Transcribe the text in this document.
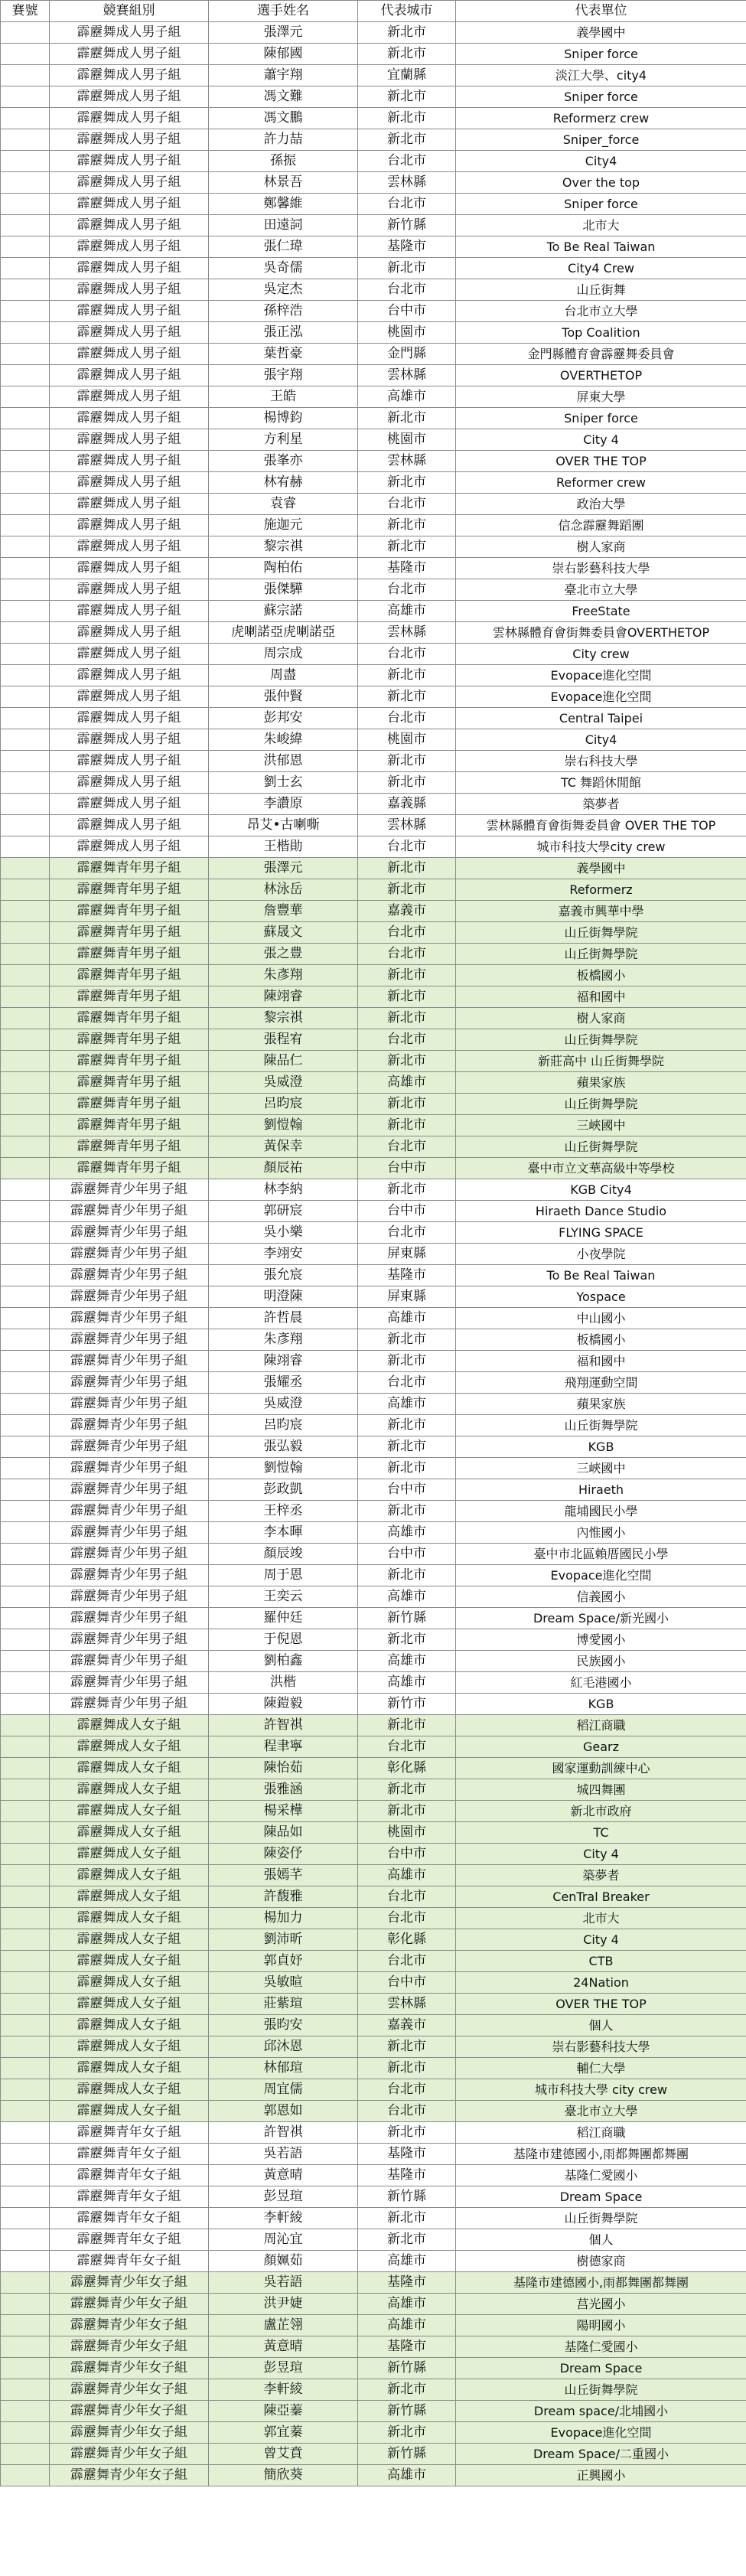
賽號	競賽組別	選手姓名	代表城市	代表單位
	霹靂舞成人男子組	張澤元	新北市	義學國中
	霹靂舞成人男子組	陳郁國	新北市	Sniper force
	霹靂舞成人男子組	蕭宇翔	宜蘭縣	淡江大學、city4
	霹靂舞成人男子組	馮文難	新北市	Sniper force
	霹靂舞成人男子組	馮文鵬	新北市	Reformerz crew
	霹靂舞成人男子組	許力喆	新北市	Sniper_force
	霹靂舞成人男子組	孫振	台北市	City4
	霹靂舞成人男子組	林景吾	雲林縣	Over the top
	霹靂舞成人男子組	鄭馨維	台北市	Sniper force
	霹靂舞成人男子組	田遠詞	新竹縣	北市大
	霹靂舞成人男子組	張仁瑋	基隆市	To Be Real Taiwan
	霹靂舞成人男子組	吳奇儒	新北市	City4 Crew
	霹靂舞成人男子組	吳定杰	台北市	山丘街舞
	霹靂舞成人男子組	孫梓浩	台中市	台北市立大學
	霹靂舞成人男子組	張正泓	桃園市	Top Coalition
	霹靂舞成人男子組	葉哲豪	金門縣	金門縣體育會霹靂舞委員會
	霹靂舞成人男子組	張宇翔	雲林縣	OVERTHETOP
	霹靂舞成人男子組	王皓	高雄市	屏東大學
	霹靂舞成人男子組	楊博鈞	新北市	Sniper force
	霹靂舞成人男子組	方利星	桃園市	City 4
	霹靂舞成人男子組	張峯亦	雲林縣	OVER THE TOP
	霹靂舞成人男子組	林宥赫	新北市	Reformer crew
	霹靂舞成人男子組	袁睿	台北市	政治大學
	霹靂舞成人男子組	施迦元	新北市	信念霹靂舞蹈團
	霹靂舞成人男子組	黎宗祺	新北市	樹人家商
	霹靂舞成人男子組	陶柏佑	基隆市	崇右影藝科技大學
	霹靂舞成人男子組	張傑驊	台北市	臺北市立大學
	霹靂舞成人男子組	蘇宗諾	高雄市	FreeState
	霹靂舞成人男子組	虎喇諾亞虎喇諾亞	雲林縣	雲林縣體育會街舞委員會OVERTHETOP
	霹靂舞成人男子組	周宗成	台北市	City crew
	霹靂舞成人男子組	周盡	新北市	Evopace進化空間
	霹靂舞成人男子組	張仲賢	新北市	Evopace進化空間
	霹靂舞成人男子組	彭邦安	台北市	Central Taipei
	霹靂舞成人男子組	朱峻緯	桃園市	City4
	霹靂舞成人男子組	洪郁恩	新北市	崇右科技大學
	霹靂舞成人男子組	劉士玄	新北市	TC 舞蹈休閒館
	霹靂舞成人男子組	李讚原	嘉義縣	築夢者
	霹靂舞成人男子組	昂艾•古喇嘶	雲林縣	雲林縣體育會街舞委員會 OVER THE TOP
	霹靂舞成人男子組	王楷勛	台北市	城市科技大學city crew
	霹靂舞青年男子組	張澤元	新北市	義學國中
	霹靂舞青年男子組	林泳岳	新北市	Reformerz
	霹靂舞青年男子組	詹豐華	嘉義市	嘉義市興華中學
	霹靂舞青年男子組	蘇晟文	台北市	山丘街舞學院
	霹靂舞青年男子組	張之豊	台北市	山丘街舞學院
	霹靂舞青年男子組	朱彥翔	新北市	板橋國小
	霹靂舞青年男子組	陳翊睿	新北市	福和國中
	霹靂舞青年男子組	黎宗祺	新北市	樹人家商
	霹靂舞青年男子組	張程宥	台北市	山丘街舞學院
	霹靂舞青年男子組	陳品仁	新北市	新莊高中 山丘街舞學院
	霹靂舞青年男子組	吳威澄	高雄市	蘋果家族
	霹靂舞青年男子組	呂昀宸	新北市	山丘街舞學院
	霹靂舞青年男子組	劉愷翰	新北市	三峽國中
	霹靂舞青年男子組	黃保幸	台北市	山丘街舞學院
	霹靂舞青年男子組	顏辰祐	台中市	臺中市立文華高級中等學校
	霹靂舞青少年男子組	林李納	新北市	KGB City4
	霹靂舞青少年男子組	郭研宸	台中市	Hiraeth Dance Studio
	霹靂舞青少年男子組	吳小樂	台北市	FLYING SPACE
	霹靂舞青少年男子組	李翊安	屏東縣	小夜學院
	霹靂舞青少年男子組	張允宸	基隆市	To Be Real Taiwan
	霹靂舞青少年男子組	明澄陳	屏東縣	Yospace
	霹靂舞青少年男子組	許哲晨	高雄市	中山國小
	霹靂舞青少年男子組	朱彥翔	新北市	板橋國小
	霹靂舞青少年男子組	陳翊睿	新北市	福和國中
	霹靂舞青少年男子組	張耀丞	台北市	飛翔運動空間
	霹靂舞青少年男子組	吳威澄	高雄市	蘋果家族
	霹靂舞青少年男子組	呂昀宸	新北市	山丘街舞學院
	霹靂舞青少年男子組	張弘毅	新北市	KGB
	霹靂舞青少年男子組	劉愷翰	新北市	三峽國中
	霹靂舞青少年男子組	彭政凱	台中市	Hiraeth
	霹靂舞青少年男子組	王梓丞	新北市	龍埔國民小學
	霹靂舞青少年男子組	李本暉	高雄市	內惟國小
	霹靂舞青少年男子組	顏辰竣	台中市	臺中市北區賴厝國民小學
	霹靂舞青少年男子組	周于恩	新北市	Evopace進化空間
	霹靂舞青少年男子組	王奕云	高雄市	信義國小
	霹靂舞青少年男子組	羅仲廷	新竹縣	Dream Space/新光國小
	霹靂舞青少年男子組	于倪恩	新北市	博愛國小
	霹靂舞青少年男子組	劉柏鑫	高雄市	民族國小
	霹靂舞青少年男子組	洪楷	高雄市	紅毛港國小
	霹靂舞青少年男子組	陳鎧毅	新竹市	KGB
	霹靂舞成人女子組	許智祺	新北市	稻江商職
	霹靂舞成人女子組	程聿寧	台北市	Gearz
	霹靂舞成人女子組	陳怡茹	彰化縣	國家運動訓練中心
	霹靂舞成人女子組	張雅涵	新北市	城四舞團
	霹靂舞成人女子組	楊采樺	新北市	新北市政府
	霹靂舞成人女子組	陳品如	桃園市	TC
	霹靂舞成人女子組	陳姿伃	台中市	City 4
	霹靂舞成人女子組	張嫣芊	高雄市	築夢者
	霹靂舞成人女子組	許馥雅	台北市	CenTral Breaker
	霹靂舞成人女子組	楊加力	台北市	北市大
	霹靂舞成人女子組	劉沛昕	彰化縣	City 4
	霹靂舞成人女子組	郭貞妤	台北市	CTB
	霹靂舞成人女子組	吳敏暄	台中市	24Nation
	霹靂舞成人女子組	莊紫瑄	雲林縣	OVER THE TOP
	霹靂舞成人女子組	張昀安	嘉義市	個人
	霹靂舞成人女子組	邱沐恩	新北市	崇右影藝科技大學
	霹靂舞成人女子組	林郁瑄	新北市	輔仁大學
	霹靂舞成人女子組	周宜儒	台北市	城市科技大學 city crew
	霹靂舞成人女子組	郭恩如	台北市	臺北市立大學
	霹靂舞青年女子組	許智祺	新北市	稻江商職
	霹靂舞青年女子組	吳若語	基隆市	基隆市建德國小,雨都舞團都舞團
	霹靂舞青年女子組	黃意晴	基隆市	基隆仁愛國小
	霹靂舞青年女子組	彭昱瑄	新竹縣	Dream Space
	霹靂舞青年女子組	李軒綾	新北市	山丘街舞學院
	霹靂舞青年女子組	周沁宜	新北市	個人
	霹靂舞青年女子組	顏姵茹	高雄市	樹德家商
	霹靂舞青少年女子組	吳若語	基隆市	基隆市建德國小,雨都舞團都舞團
	霹靂舞青少年女子組	洪尹婕	高雄市	莒光國小
	霹靂舞青少年女子組	盧芷翎	高雄市	陽明國小
	霹靂舞青少年女子組	黃意晴	基隆市	基隆仁愛國小
	霹靂舞青少年女子組	彭昱瑄	新竹縣	Dream Space
	霹靂舞青少年女子組	李軒綾	新北市	山丘街舞學院
	霹靂舞青少年女子組	陳亞蓁	新竹縣	Dream space/北埔國小
	霹靂舞青少年女子組	郭宜蓁	新北市	Evopace進化空間
	霹靂舞青少年女子組	曾艾賁	新竹縣	Dream Space/二重國小
	霹靂舞青少年女子組	簡欣葵	高雄市	正興國小
